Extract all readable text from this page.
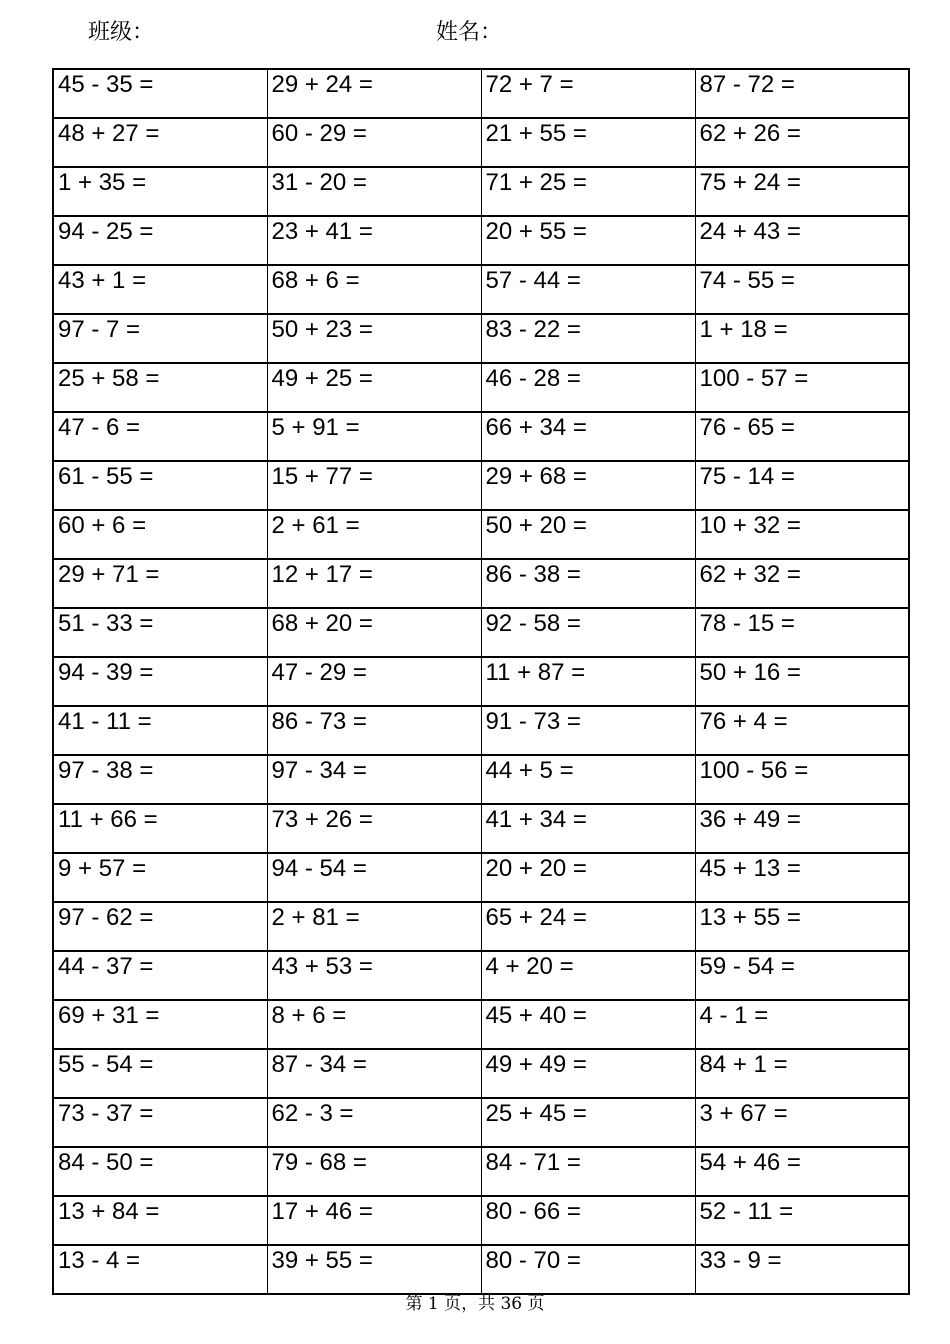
班级：	姓名：
45 - 35 =	29 + 24 =	72 + 7 =	87 - 72 =
48 + 27 =	60 - 29 =	21 + 55 =	62 + 26 =
1 + 35 =	31 - 20 =	71 + 25 =	75 + 24 =
94 - 25 =	23 + 41 =	20 + 55 =	24 + 43 =
43 + 1 =	68 + 6 =	57 - 44 =	74 - 55 =
97 - 7 =	50 + 23 =	83 - 22 =	1 + 18 =
25 + 58 =	49 + 25 =	46 - 28 =	100 - 57 =
47 - 6 =	5 + 91 =	66 + 34 =	76 - 65 =
61 - 55 =	15 + 77 =	29 + 68 =	75 - 14 =
60 + 6 =	2 + 61 =	50 + 20 =	10 + 32 =
29 + 71 =	12 + 17 =	86 - 38 =	62 + 32 =
51 - 33 =	68 + 20 =	92 - 58 =	78 - 15 =
94 - 39 =	47 - 29 =	11 + 87 =	50 + 16 =
41 - 11 =	86 - 73 =	91 - 73 =	76 + 4 =
97 - 38 =	97 - 34 =	44 + 5 =	100 - 56 =
11 + 66 =	73 + 26 =	41 + 34 =	36 + 49 =
9 + 57 =	94 - 54 =	20 + 20 =	45 + 13 =
97 - 62 =	2 + 81 =	65 + 24 =	13 + 55 =
44 - 37 =	43 + 53 =	4 + 20 =	59 - 54 =
69 + 31 =	8 + 6 =	45 + 40 =	4 - 1 =
55 - 54 =	87 - 34 =	49 + 49 =	84 + 1 =
73 - 37 =	62 - 3 =	25 + 45 =	3 + 67 =
84 - 50 =	79 - 68 =	84 - 71 =	54 + 46 =
13 + 84 =	17 + 46 =	80 - 66 =	52 - 11 =
13 - 4 =	39 + 55 =	80 - 70 =	33 - 9 =
第 1 页，共 36 页
